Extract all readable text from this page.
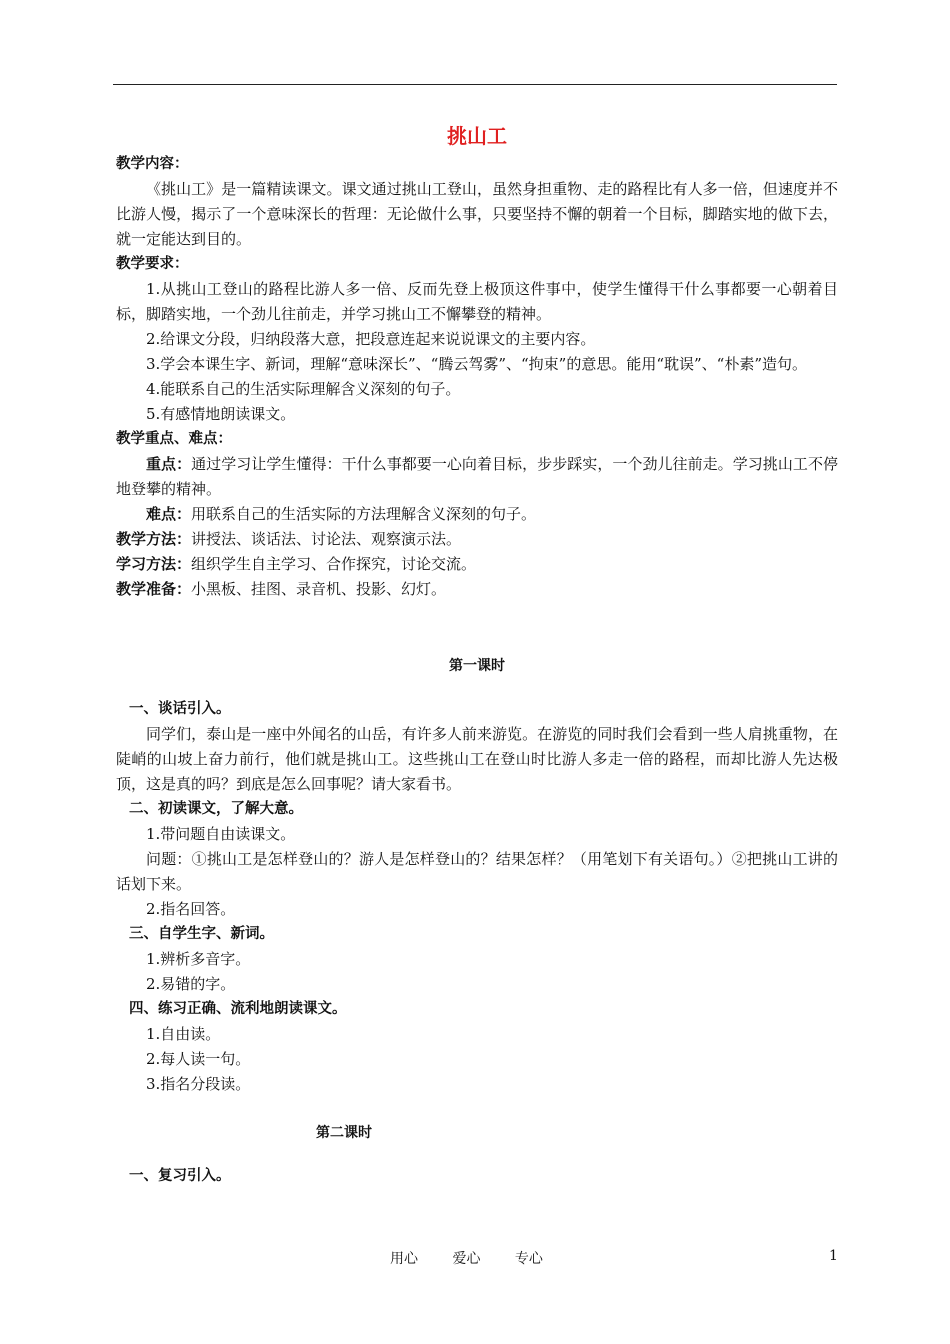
挑山工
教学内容：
《挑山工》是一篇精读课文。课文通过挑山工登山，虽然身担重物、走的路程比有人多一倍，但速度并不比游人慢，揭示了一个意味深长的哲理：无论做什么事，只要坚持不懈的朝着一个目标，脚踏实地的做下去，就一定能达到目的。
教学要求：
1.从挑山工登山的路程比游人多一倍、反而先登上极顶这件事中，使学生懂得干什么事都要一心朝着目标，脚踏实地，一个劲儿往前走，并学习挑山工不懈攀登的精神。
2.给课文分段，归纳段落大意，把段意连起来说说课文的主要内容。
3.学会本课生字、新词，理解“意味深长”、“腾云驾雾”、“拘束”的意思。能用“耽误”、“朴素”造句。
4.能联系自己的生活实际理解含义深刻的句子。
5.有感情地朗读课文。
教学重点、难点：
重点：通过学习让学生懂得：干什么事都要一心向着目标，步步踩实，一个劲儿往前走。学习挑山工不停地登攀的精神。
难点：用联系自己的生活实际的方法理解含义深刻的句子。
教学方法：讲授法、谈话法、讨论法、观察演示法。
学习方法：组织学生自主学习、合作探究，讨论交流。
教学准备：小黑板、挂图、录音机、投影、幻灯。
第一课时
一、谈话引入。
同学们，泰山是一座中外闻名的山岳，有许多人前来游览。在游览的同时我们会看到一些人肩挑重物，在陡峭的山坡上奋力前行，他们就是挑山工。这些挑山工在登山时比游人多走一倍的路程，而却比游人先达极顶，这是真的吗？到底是怎么回事呢？请大家看书。
二、初读课文，了解大意。
1.带问题自由读课文。
问题：①挑山工是怎样登山的？游人是怎样登山的？结果怎样？（用笔划下有关语句。）②把挑山工讲的话划下来。
2.指名回答。
三、自学生字、新词。
1.辨析多音字。
2.易错的字。
四、练习正确、流利地朗读课文。
1.自由读。
2.每人读一句。
3.指名分段读。
第二课时
一、复习引入。
用心 爱心 专心	1
